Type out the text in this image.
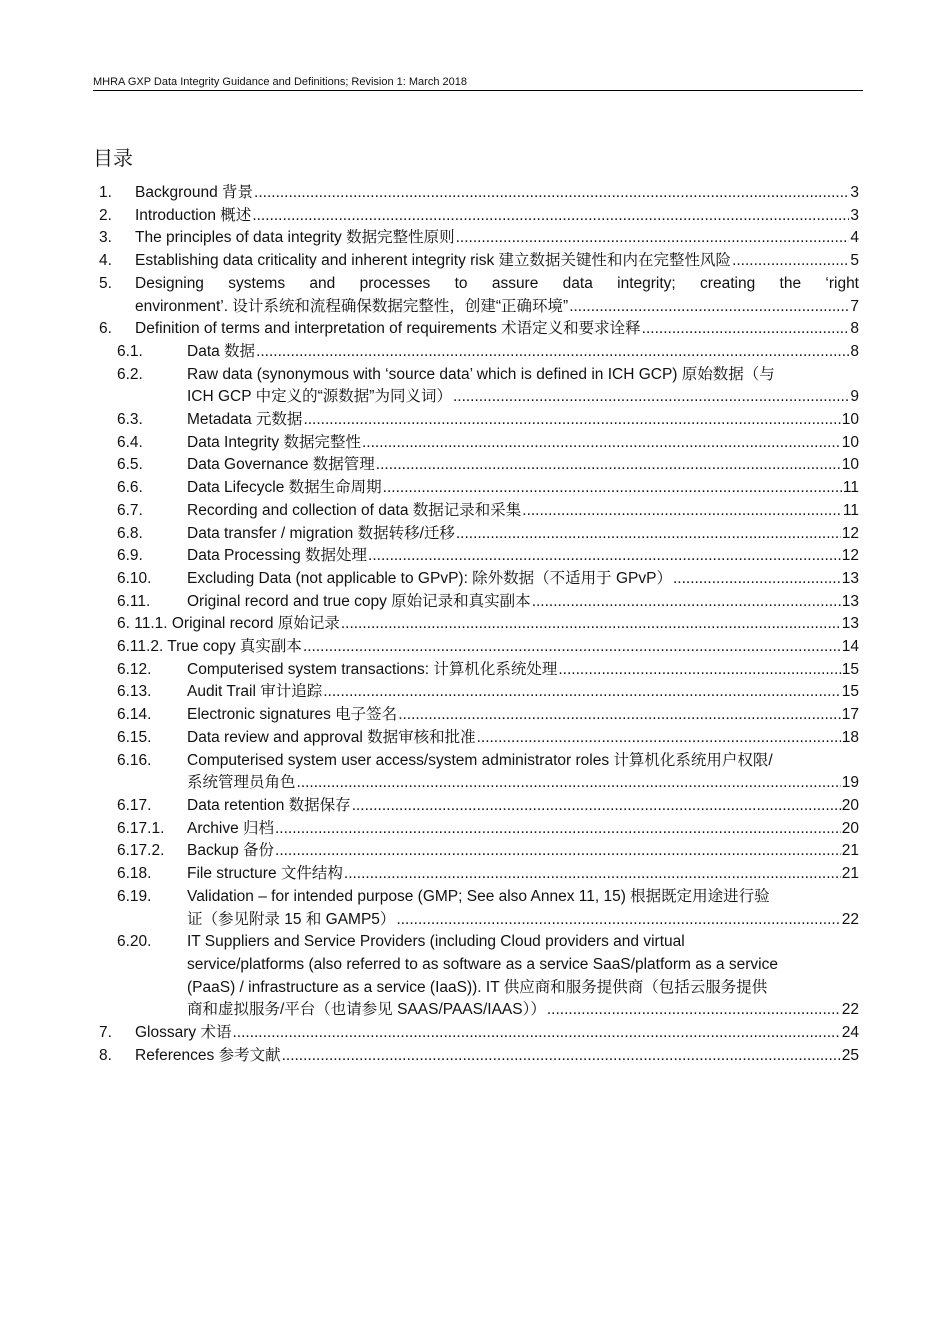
MHRA GXP Data Integrity Guidance and Definitions; Revision 1: March 2018
目录
1. Background 背景 .....	3
2. Introduction 概述 .....	3
3. The principles of data integrity 数据完整性原则 .....	4
4. Establishing data criticality and inherent integrity risk 建立数据关键性和内在完整性风险 .....	5
5. Designing systems and processes to assure data integrity; creating the ‘right
environment’. 设计系统和流程确保数据完整性，创建“正确环境” .....	7
6. Definition of terms and interpretation of requirements 术语定义和要求诠释 .....	8
6.1.	Data 数据 .....	8
6.2.	Raw data (synonymous with ‘source data’ which is defined in ICH GCP) 原始数据（与
ICH GCP 中定义的“源数据”为同义词） .....	9
6.3.	Metadata 元数据 .....	10
6.4.	Data Integrity 数据完整性 .....	10
6.5.	Data Governance 数据管理 .....	10
6.6.	Data Lifecycle 数据生命周期 .....	11
6.7.	Recording and collection of data 数据记录和采集 .....	11
6.8.	Data transfer / migration 数据转移/迁移 .....	12
6.9.	Data Processing 数据处理 .....	12
6.10. Excluding Data (not applicable to GPvP): 除外数据（不适用于 GPvP） .....	13
6.11. Original record and true copy 原始记录和真实副本 .....	13
6. 11.1. Original record 原始记录 .....	13
6.11.2. True copy 真实副本 .....	14
6.12. Computerised system transactions: 计算机化系统处理 .....	15
6.13. Audit Trail 审计追踪 .....	15
6.14. Electronic signatures 电子签名 .....	17
6.15. Data review and approval 数据审核和批准 .....	18
6.16. Computerised system user access/system administrator roles 计算机化系统用户权限/
系统管理员角色 .....	19
6.17. Data retention 数据保存 .....	20
6.17.1. Archive 归档 .....	20
6.17.2. Backup 备份 .....	21
6.18. File structure 文件结构 .....	21
6.19. Validation – for intended purpose (GMP; See also Annex 11, 15) 根据既定用途进行验
证（参见附录 15 和 GAMP5） .....	22
6.20. IT Suppliers and Service Providers (including Cloud providers and virtual
service/platforms (also referred to as software as a service SaaS/platform as a service
(PaaS) / infrastructure as a service (IaaS)). IT 供应商和服务提供商（包括云服务提供
商和虚拟服务/平台（也请参见 SAAS/PAAS/IAAS）） .....	22
7. Glossary 术语 .....	24
8. References 参考文献 .....	25
